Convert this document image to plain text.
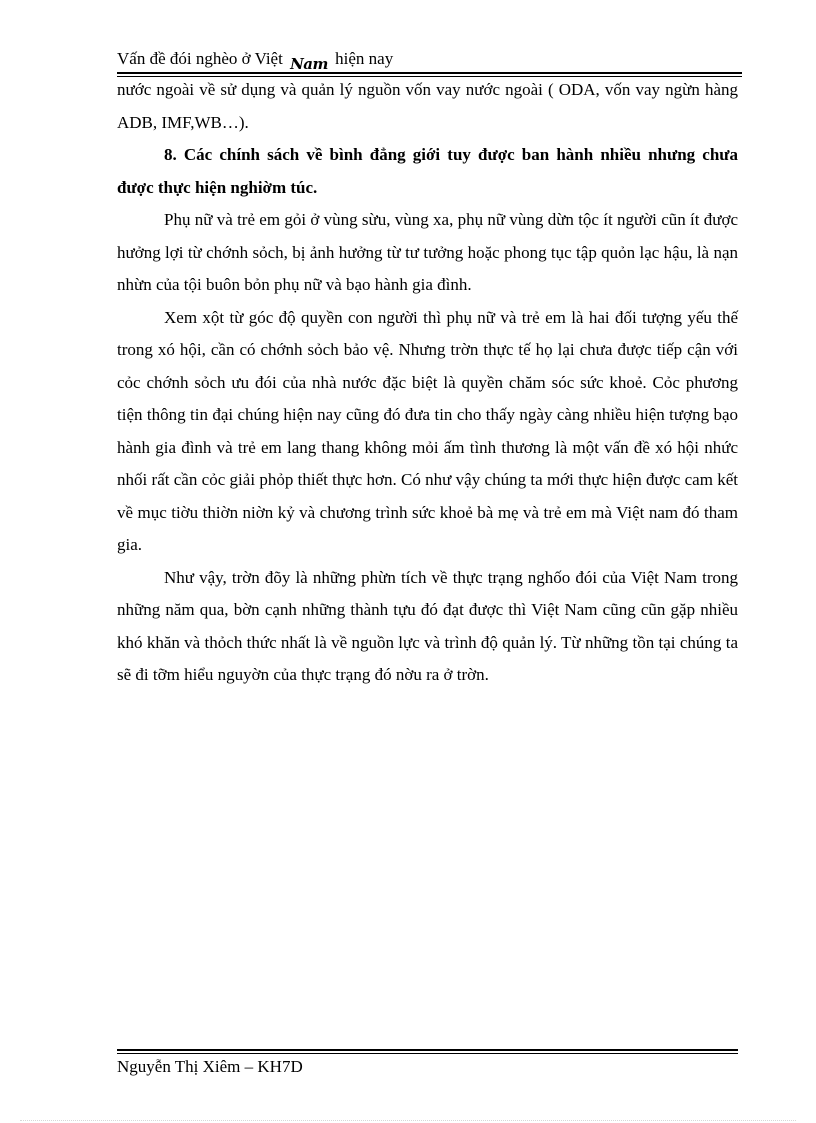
Vấn đề đói nghèo ở Việt Nam hiện nay

nước ngoài về sử dụng và quản lý nguồn vốn vay nước ngoài ( ODA, vốn vay ngừn hàng ADB, IMF,WB…).

8. Các chính sách về bình đẳng giới tuy được ban hành nhiều nhưng chưa được thực hiện nghiờm túc.

Phụ nữ và trẻ em gỏi ở vùng sừu, vùng xa, phụ nữ vùng dừn tộc ít người cũn ít được hưởng lợi từ chớnh sỏch, bị ảnh hưởng từ tư tưởng hoặc phong tục tập quỏn lạc hậu, là nạn nhừn của tội buôn bỏn phụ nữ và bạo hành gia đình.

Xem xột từ góc độ quyền con người thì phụ nữ và trẻ em là hai đối tượng yếu thế trong xó hội, cần có chớnh sỏch bảo vệ. Nhưng trờn thực tế họ lại chưa được tiếp cận với cỏc chớnh sỏch ưu đói của nhà nước đặc biệt là quyền chăm sóc sức khoẻ. Cỏc phương tiện thông tin đại chúng hiện nay cũng đó đưa tin cho thấy ngày càng nhiều hiện tượng bạo hành gia đình và trẻ em lang thang không mỏi ấm tình thương là một vấn đề xó hội nhức nhối rất cần cỏc giải phỏp thiết thực hơn. Có như vậy chúng ta mới thực hiện được cam kết về mục tiờu thiờn niờn kỷ và chương trình sức khoẻ bà mẹ và trẻ em mà Việt nam đó tham gia.

Như vậy, trờn đõy là những phừn tích về thực trạng nghốo đói của Việt Nam trong những năm qua, bờn cạnh những thành tựu đó đạt được thì Việt Nam cũng cũn gặp nhiều khó khăn và thỏch thức nhất là về nguồn lực và trình độ quản lý. Từ những tồn tại chúng ta sẽ đi tỡm hiểu nguyờn của thực trạng đó nờu ra ở trờn.

Nguyễn Thị Xiêm – KH7D
